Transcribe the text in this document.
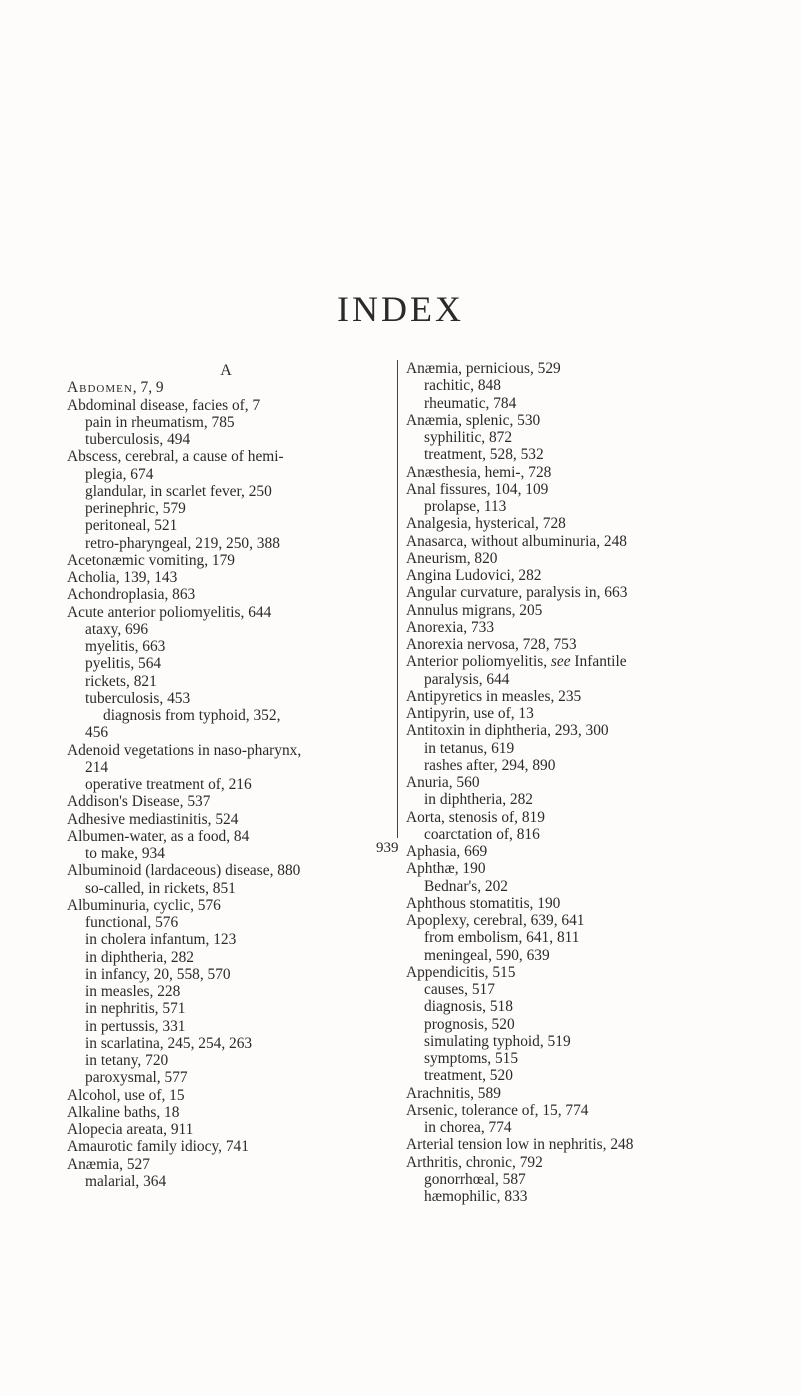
INDEX
A

Abdomen, 7, 9

Abdominal disease, facies of, 7

pain in rheumatism, 785

tuberculosis, 494

Abscess, cerebral, a cause of hemi-

plegia, 674

glandular, in scarlet fever, 250

perinephric, 579

peritoneal, 521

retro-pharyngeal, 219, 250, 388

Acetonæmic vomiting, 179

Acholia, 139, 143

Achondroplasia, 863

Acute anterior poliomyelitis, 644

ataxy, 696

myelitis, 663

pyelitis, 564

rickets, 821

tuberculosis, 453

diagnosis from typhoid, 352,

456

Adenoid vegetations in naso-pharynx,

214

operative treatment of, 216

Addison's Disease, 537

Adhesive mediastinitis, 524

Albumen-water, as a food, 84

to make, 934

Albuminoid (lardaceous) disease, 880

so-called, in rickets, 851

Albuminuria, cyclic, 576

functional, 576

in cholera infantum, 123

in diphtheria, 282

in infancy, 20, 558, 570

in measles, 228

in nephritis, 571

in pertussis, 331

in scarlatina, 245, 254, 263

in tetany, 720

paroxysmal, 577

Alcohol, use of, 15

Alkaline baths, 18

Alopecia areata, 911

Amaurotic family idiocy, 741

Anæmia, 527

malarial, 364

Anæmia, pernicious, 529

rachitic, 848

rheumatic, 784

Anæmia, splenic, 530

syphilitic, 872

treatment, 528, 532

Anæsthesia, hemi-, 728

Anal fissures, 104, 109

prolapse, 113

Analgesia, hysterical, 728

Anasarca, without albuminuria, 248

Aneurism, 820

Angina Ludovici, 282

Angular curvature, paralysis in, 663

Annulus migrans, 205

Anorexia, 733

Anorexia nervosa, 728, 753

Anterior poliomyelitis, see Infantile

paralysis, 644

Antipyretics in measles, 235

Antipyrin, use of, 13

Antitoxin in diphtheria, 293, 300

in tetanus, 619

rashes after, 294, 890

Anuria, 560

in diphtheria, 282

Aorta, stenosis of, 819

coarctation of, 816

Aphasia, 669

Aphthæ, 190

Bednar's, 202

Aphthous stomatitis, 190

Apoplexy, cerebral, 639, 641

from embolism, 641, 811

meningeal, 590, 639

Appendicitis, 515

causes, 517

diagnosis, 518

prognosis, 520

simulating typhoid, 519

symptoms, 515

treatment, 520

Arachnitis, 589

Arsenic, tolerance of, 15, 774

in chorea, 774

Arterial tension low in nephritis, 248

Arthritis, chronic, 792

gonorrhœal, 587

hæmophilic, 833

939
